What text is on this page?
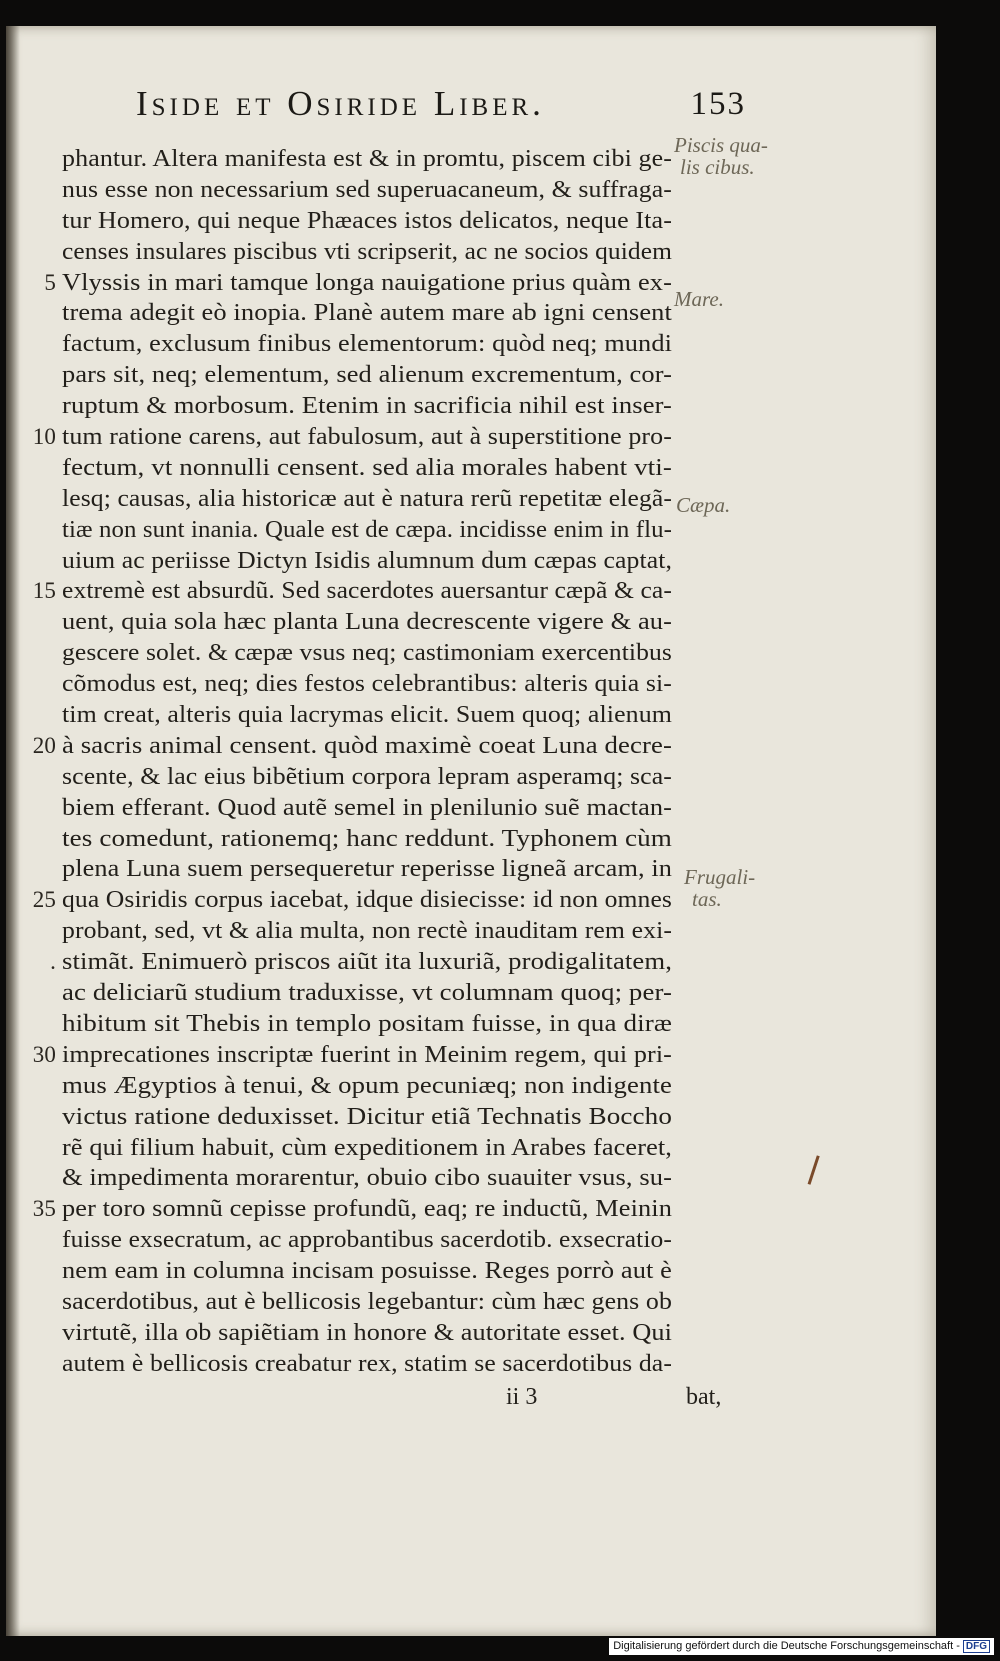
Iside et Osiride Liber.	153
phantur. Altera manifesta est & in promtu, piscem cibi ge-
nus esse non necessarium sed superuacaneum, & suffraga-
tur Homero, qui neque Phæaces istos delicatos, neque Ita-
censes insulares piscibus vti scripserit, ac ne socios quidem
5 Vlyssis in mari tamque longa nauigatione prius quàm ex-
trema adegit eò inopia. Planè autem mare ab igni censent
factum, exclusum finibus elementorum: quòd neq; mundi
pars sit, neq; elementum, sed alienum excrementum, cor-
ruptum & morbosum. Etenim in sacrificia nihil est inser-
10 tum ratione carens, aut fabulosum, aut à superstitione pro-
fectum, vt nonnulli censent. sed alia morales habent vti-
lesq; causas, alia historicæ aut è natura rerũ repetitæ elegã-
tiæ non sunt inania. Quale est de cæpa. incidisse enim in flu-
uium ac periisse Dictyn Isidis alumnum dum cæpas captat,
15 extremè est absurdũ. Sed sacerdotes auersantur cæpã & ca-
uent, quia sola hæc planta Luna decrescente vigere & au-
gescere solet. & cæpæ vsus neq; castimoniam exercentibus
cõmodus est, neq; dies festos celebrantibus: alteris quia si-
tim creat, alteris quia lacrymas elicit. Suem quoq; alienum
20 à sacris animal censent. quòd maximè coeat Luna decre-
scente, & lac eius bibẽtium corpora lepram asperamq; sca-
biem efferant. Quod autẽ semel in plenilunio suẽ mactan-
tes comedunt, rationemq; hanc reddunt. Typhonem cùm
plena Luna suem persequeretur reperisse ligneã arcam, in
25 qua Osiridis corpus iacebat, idque disiecisse: id non omnes
probant, sed, vt & alia multa, non rectè inauditam rem exi-
. stimãt. Enimuerò priscos aiũt ita luxuriã, prodigalitatem,
ac deliciarũ studium traduxisse, vt columnam quoq; per-
hibitum sit Thebis in templo positam fuisse, in qua diræ
30 imprecationes inscriptæ fuerint in Meinim regem, qui pri-
mus Ægyptios à tenui, & opum pecuniæq; non indigente
victus ratione deduxisset. Dicitur etiã Technatis Boccho
rẽ qui filium habuit, cùm expeditionem in Arabes faceret,
& impedimenta morarentur, obuio cibo suauiter vsus, su-
35 per toro somnũ cepisse profundũ, eaq; re inductũ, Meinin
fuisse exsecratum, ac approbantibus sacerdotib. exsecratio-
nem eam in columna incisam posuisse. Reges porrò aut è
sacerdotibus, aut è bellicosis legebantur: cùm hæc gens ob
virtutẽ, illa ob sapiẽtiam in honore & autoritate esset. Qui
autem è bellicosis creabatur rex, statim se sacerdotibus da-
Piscis qua-
lis cibus.
Mare.
Cæpa.
Frugali-
tas.
ii 3	bat,
Digitalisierung gefördert durch die Deutsche Forschungsgemeinschaft - DFG
